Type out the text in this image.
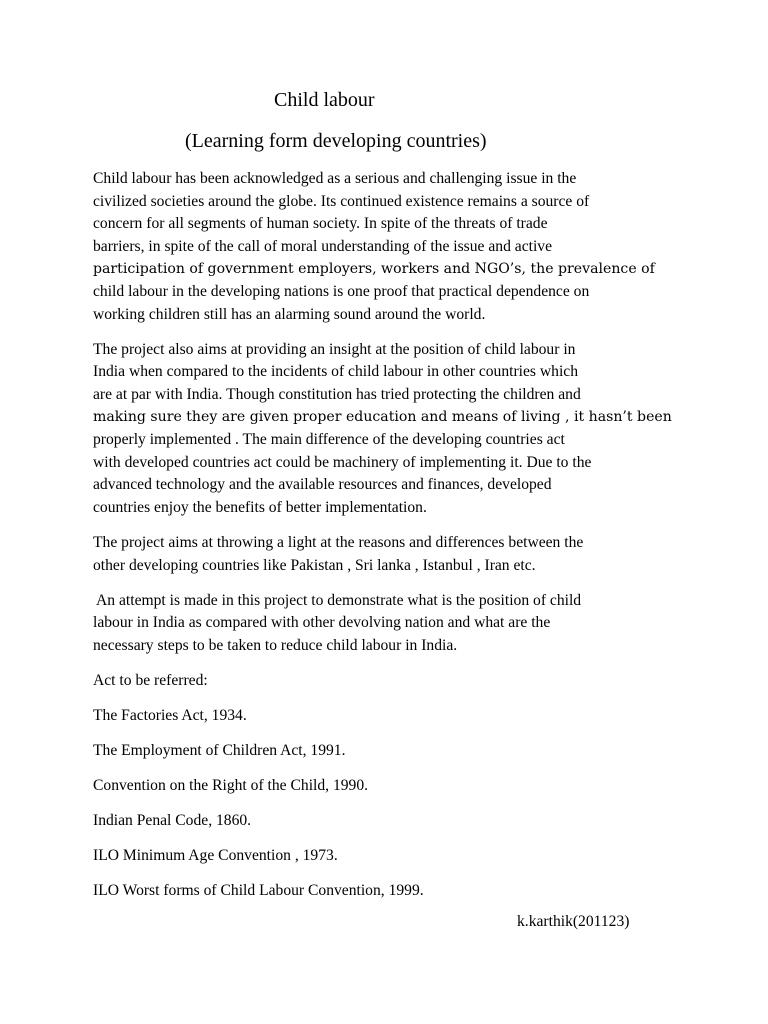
Child labour
(Learning form developing countries)

Child labour has been acknowledged as a serious and challenging issue in the
civilized societies around the globe. Its continued existence remains a source of
concern for all segments of human society. In spite of the threats of trade
barriers, in spite of the call of moral understanding of the issue and active
participation of government employers, workers and NGO’s, the prevalence of
child labour in the developing nations is one proof that practical dependence on
working children still has an alarming sound around the world.

The project also aims at providing an insight at the position of child labour in
India when compared to the incidents of child labour in other countries which
are at par with India. Though constitution has tried protecting the children and
making sure they are given proper education and means of living , it hasn’t been
properly implemented . The main difference of the developing countries act
with developed countries act could be machinery of implementing it. Due to the
advanced technology and the available resources and finances, developed
countries enjoy the benefits of better implementation.

The project aims at throwing a light at the reasons and differences between the
other developing countries like Pakistan , Sri lanka , Istanbul , Iran etc.

An attempt is made in this project to demonstrate what is the position of child
labour in India as compared with other devolving nation and what are the
necessary steps to be taken to reduce child labour in India.

Act to be referred:

The Factories Act, 1934.

The Employment of Children Act, 1991.

Convention on the Right of the Child, 1990.

Indian Penal Code, 1860.

ILO Minimum Age Convention , 1973.

ILO Worst forms of Child Labour Convention, 1999.

k.karthik(201123)
